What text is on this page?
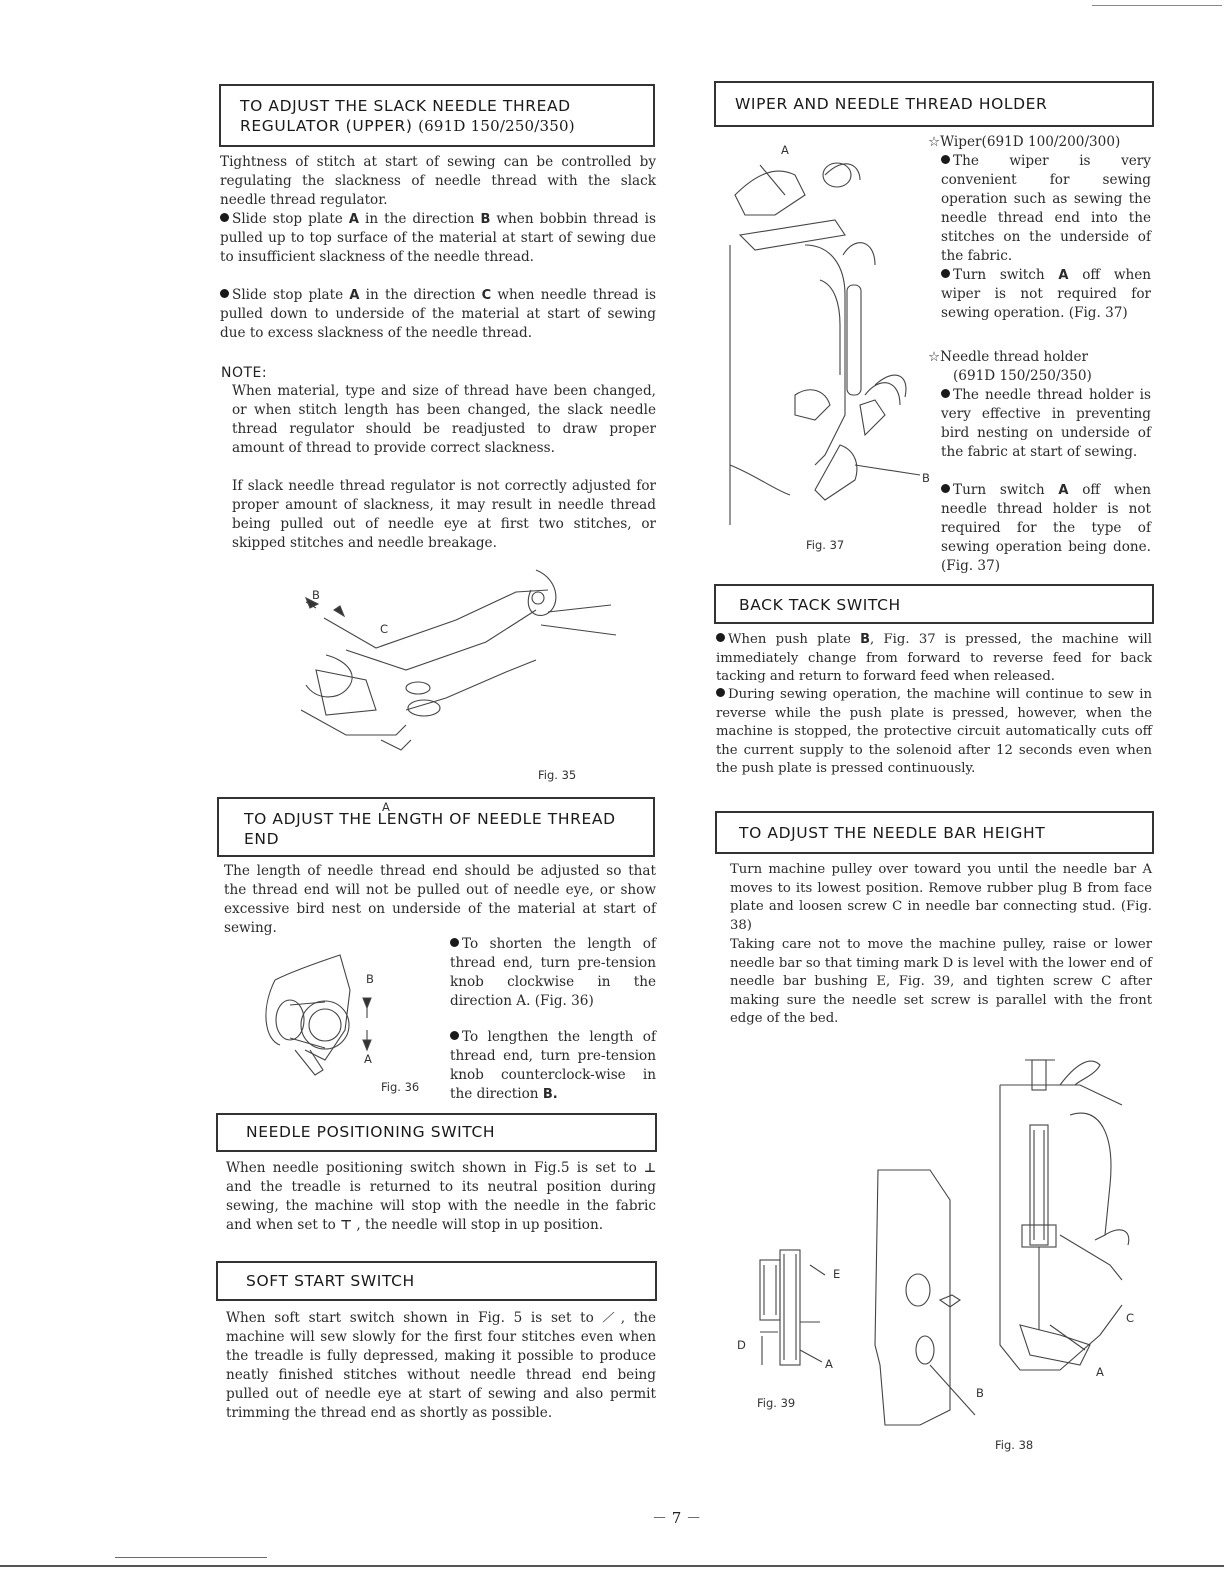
TO ADJUST THE SLACK NEEDLE THREAD
REGULATOR (UPPER) (691D 150/250/350)
Tightness of stitch at start of sewing can be controlled by regulating the slackness of needle thread with the slack needle thread regulator.
Slide stop plate A in the direction B when bobbin thread is pulled up to top surface of the material at start of sewing due to insufficient slackness of the needle thread.
Slide stop plate A in the direction C when needle thread is pulled down to underside of the material at start of sewing due to excess slackness of the needle thread.
NOTE:
When material, type and size of thread have been changed, or when stitch length has been changed, the slack needle thread regulator should be readjusted to draw proper amount of thread to provide correct slackness.
If slack needle thread regulator is not correctly adjusted for proper amount of slackness, it may result in needle thread being pulled out of needle eye at first two stitches, or skipped stitches and needle breakage.
B
C
A
Fig. 35
TO ADJUST THE LENGTH OF NEEDLE THREAD
END
The length of needle thread end should be adjusted so that the thread end will not be pulled out of needle eye, or show excessive bird nest on underside of the material at start of sewing.
B
A
Fig. 36
To shorten the length of thread end, turn pre-tension knob clockwise in the direction A. (Fig. 36)
To lengthen the length of thread end, turn pre-tension knob counterclock-wise in the direction B.
NEEDLE POSITIONING SWITCH
When needle positioning switch shown in Fig.5 is set to ⊥ and the treadle is returned to its neutral position during sewing, the machine will stop with the needle in the fabric and when set to ⊤ , the needle will stop in up position.
SOFT START SWITCH
When soft start switch shown in Fig. 5 is set to ⟋ , the machine will sew slowly for the first four stitches even when the treadle is fully depressed, making it possible to produce neatly finished stitches without needle thread end being pulled out of needle eye at start of sewing and also permit trimming the thread end as shortly as possible.
WIPER AND NEEDLE THREAD HOLDER
A
B
Fig. 37
☆Wiper(691D 100/200/300)
The wiper is very convenient for sewing operation such as sewing the needle thread end into the stitches on the underside of the fabric.
Turn switch A off when wiper is not required for sewing operation. (Fig. 37)
☆Needle thread holder
(691D 150/250/350)
The needle thread holder is very effective in preventing bird nesting on underside of the fabric at start of sewing.
Turn switch A off when needle thread holder is not required for the type of sewing operation being done. (Fig. 37)
BACK TACK SWITCH
When push plate B, Fig. 37 is pressed, the machine will immediately change from forward to reverse feed for back tacking and return to forward feed when released.
During sewing operation, the machine will continue to sew in reverse while the push plate is pressed, however, when the machine is stopped, the protective circuit automatically cuts off the current supply to the solenoid after 12 seconds even when the push plate is pressed continuously.
TO ADJUST THE NEEDLE BAR HEIGHT
Turn machine pulley over toward you until the needle bar A moves to its lowest position. Remove rubber plug B from face plate and loosen screw C in needle bar connecting stud. (Fig. 38)
Taking care not to move the machine pulley, raise or lower needle bar so that timing mark D is level with the lower end of needle bar bushing E, Fig. 39, and tighten screw C after making sure the needle set screw is parallel with the front edge of the bed.
E
D
A
Fig. 39
C
A
B
Fig. 38
－ 7 －
